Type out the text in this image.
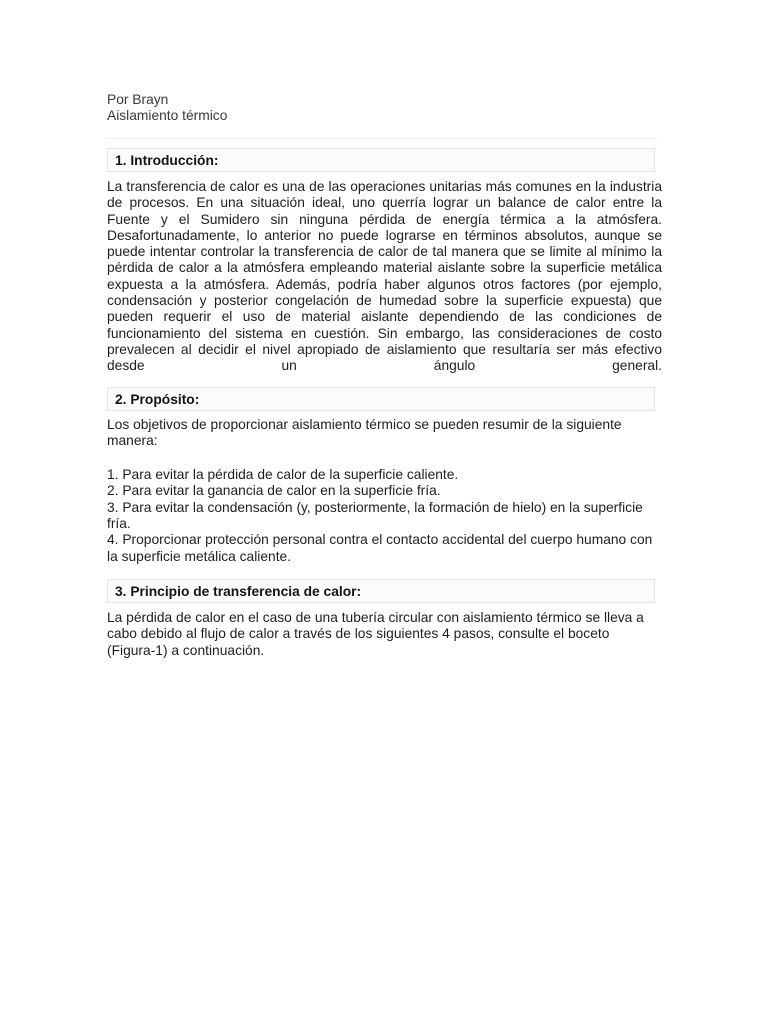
Por Brayn
Aislamiento térmico
1. Introducción:
La transferencia de calor es una de las operaciones unitarias más comunes en la industria de procesos. En una situación ideal, uno querría lograr un balance de calor entre la Fuente y el Sumidero sin ninguna pérdida de energía térmica a la atmósfera. Desafortunadamente, lo anterior no puede lograrse en términos absolutos, aunque se puede intentar controlar la transferencia de calor de tal manera que se limite al mínimo la pérdida de calor a la atmósfera empleando material aislante sobre la superficie metálica expuesta a la atmósfera. Además, podría haber algunos otros factores (por ejemplo, condensación y posterior congelación de humedad sobre la superficie expuesta) que pueden requerir el uso de material aislante dependiendo de las condiciones de funcionamiento del sistema en cuestión. Sin embargo, las consideraciones de costo prevalecen al decidir el nivel apropiado de aislamiento que resultaría ser más efectivo desde un ángulo general.
2. Propósito:
Los objetivos de proporcionar aislamiento térmico se pueden resumir de la siguiente manera:
1. Para evitar la pérdida de calor de la superficie caliente.
2. Para evitar la ganancia de calor en la superficie fría.
3. Para evitar la condensación (y, posteriormente, la formación de hielo) en la superficie fría.
4. Proporcionar protección personal contra el contacto accidental del cuerpo humano con la superficie metálica caliente.
3. Principio de transferencia de calor:
La pérdida de calor en el caso de una tubería circular con aislamiento térmico se lleva a cabo debido al flujo de calor a través de los siguientes 4 pasos, consulte el boceto (Figura-1) a continuación.
